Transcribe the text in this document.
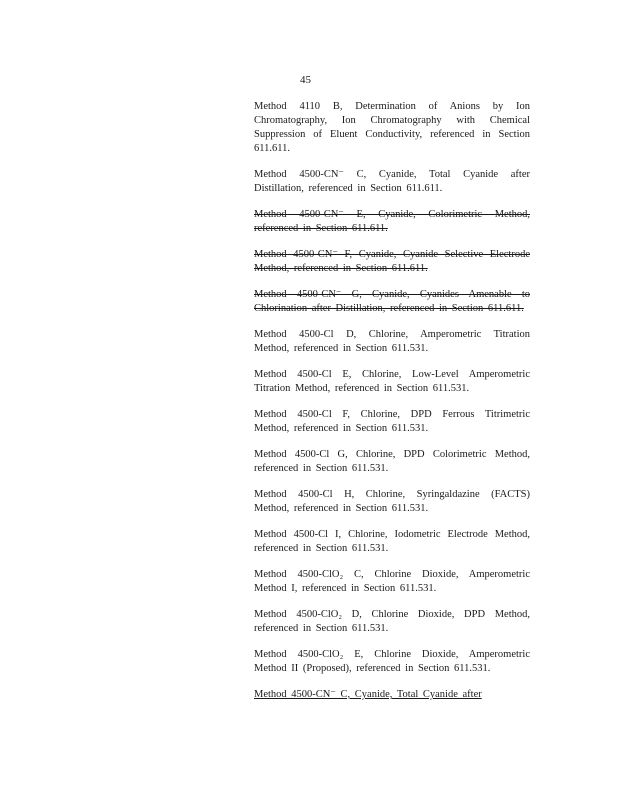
45

Method 4110 B, Determination of Anions by Ion Chromatography, Ion Chromatography with Chemical Suppression of Eluent Conductivity, referenced in Section 611.611.

Method 4500-CN⁻ C, Cyanide, Total Cyanide after Distillation, referenced in Section 611.611.

Method 4500-CN⁻ E, Cyanide, Colorimetric Method, referenced in Section 611.611.

Method 4500-CN⁻ F, Cyanide, Cyanide Selective Electrode Method, referenced in Section 611.611.

Method 4500-CN⁻ G, Cyanide, Cyanides Amenable to Chlorination after Distillation, referenced in Section 611.611.

Method 4500-Cl D, Chlorine, Amperometric Titration Method, referenced in Section 611.531.

Method 4500-Cl E, Chlorine, Low-Level Amperometric Titration Method, referenced in Section 611.531.

Method 4500-Cl F, Chlorine, DPD Ferrous Titrimetric Method, referenced in Section 611.531.

Method 4500-Cl G, Chlorine, DPD Colorimetric Method, referenced in Section 611.531.

Method 4500-Cl H, Chlorine, Syringaldazine (FACTS) Method, referenced in Section 611.531.

Method 4500-Cl I, Chlorine, Iodometric Electrode Method, referenced in Section 611.531.

Method 4500-ClO₂ C, Chlorine Dioxide, Amperometric Method I, referenced in Section 611.531.

Method 4500-ClO₂ D, Chlorine Dioxide, DPD Method, referenced in Section 611.531.

Method 4500-ClO₂ E, Chlorine Dioxide, Amperometric Method II (Proposed), referenced in Section 611.531.

Method 4500-CN⁻ C, Cyanide, Total Cyanide after
